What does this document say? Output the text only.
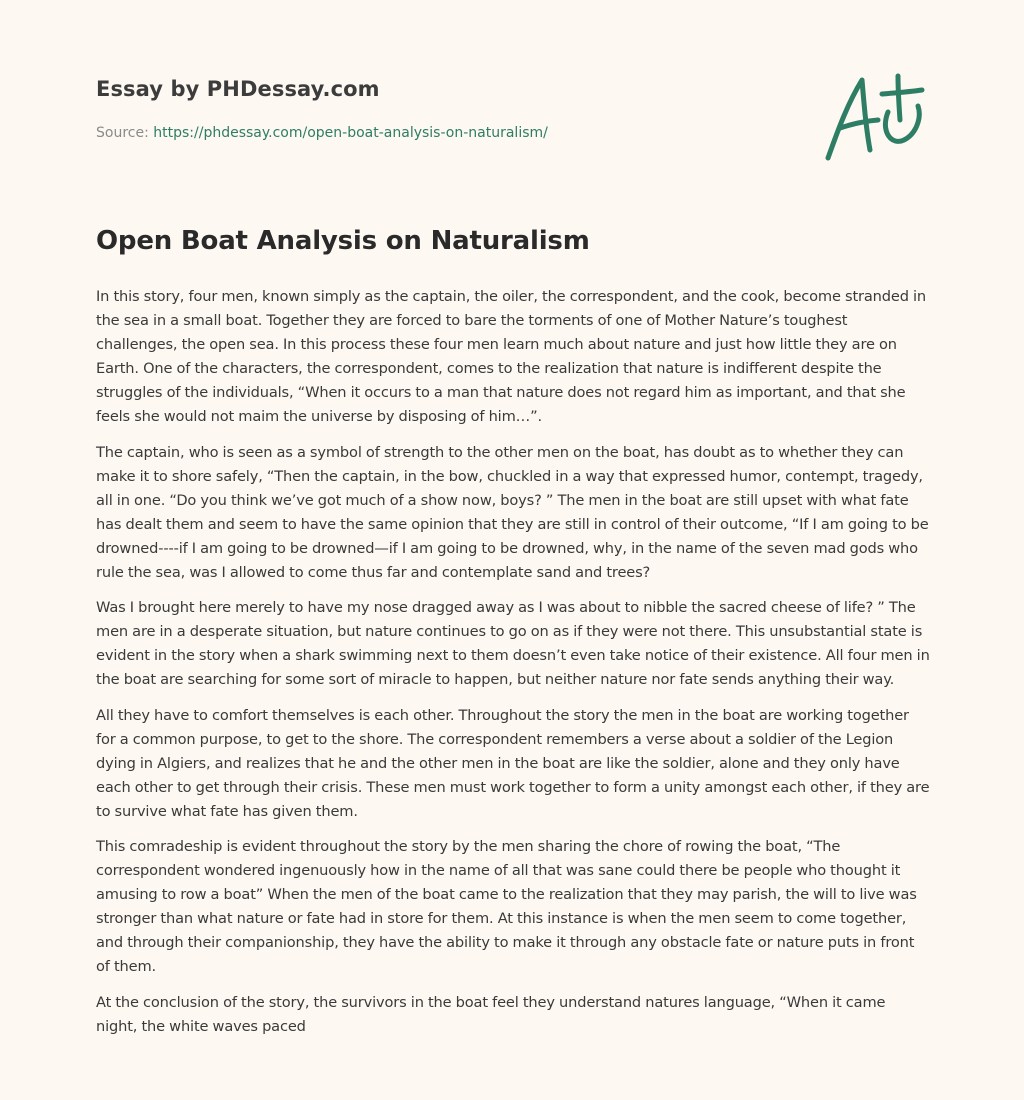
Essay by PHDessay.com
Source: https://phdessay.com/open-boat-analysis-on-naturalism/
Open Boat Analysis on Naturalism

In this story, four men, known simply as the captain, the oiler, the correspondent, and the cook, become stranded in the sea in a small boat. Together they are forced to bare the torments of one of Mother Nature’s toughest challenges, the open sea. In this process these four men learn much about nature and just how little they are on Earth. One of the characters, the correspondent, comes to the realization that nature is indifferent despite the struggles of the individuals, “When it occurs to a man that nature does not regard him as important, and that she feels she would not maim the universe by disposing of him…”.

The captain, who is seen as a symbol of strength to the other men on the boat, has doubt as to whether they can make it to shore safely, “Then the captain, in the bow, chuckled in a way that expressed humor, contempt, tragedy, all in one. “Do you think we’ve got much of a show now, boys? ” The men in the boat are still upset with what fate has dealt them and seem to have the same opinion that they are still in control of their outcome, “If I am going to be drowned----if I am going to be drowned—if I am going to be drowned, why, in the name of the seven mad gods who rule the sea, was I allowed to come thus far and contemplate sand and trees?

Was I brought here merely to have my nose dragged away as I was about to nibble the sacred cheese of life? ” The men are in a desperate situation, but nature continues to go on as if they were not there. This unsubstantial state is evident in the story when a shark swimming next to them doesn’t even take notice of their existence. All four men in the boat are searching for some sort of miracle to happen, but neither nature nor fate sends anything their way.

All they have to comfort themselves is each other. Throughout the story the men in the boat are working together for a common purpose, to get to the shore. The correspondent remembers a verse about a soldier of the Legion dying in Algiers, and realizes that he and the other men in the boat are like the soldier, alone and they only have each other to get through their crisis. These men must work together to form a unity amongst each other, if they are to survive what fate has given them.

This comradeship is evident throughout the story by the men sharing the chore of rowing the boat, “The correspondent wondered ingenuously how in the name of all that was sane could there be people who thought it amusing to row a boat” When the men of the boat came to the realization that they may parish, the will to live was stronger than what nature or fate had in store for them. At this instance is when the men seem to come together, and through their companionship, they have the ability to make it through any obstacle fate or nature puts in front of them.

At the conclusion of the story, the survivors in the boat feel they understand natures language, “When it came night, the white waves paced
